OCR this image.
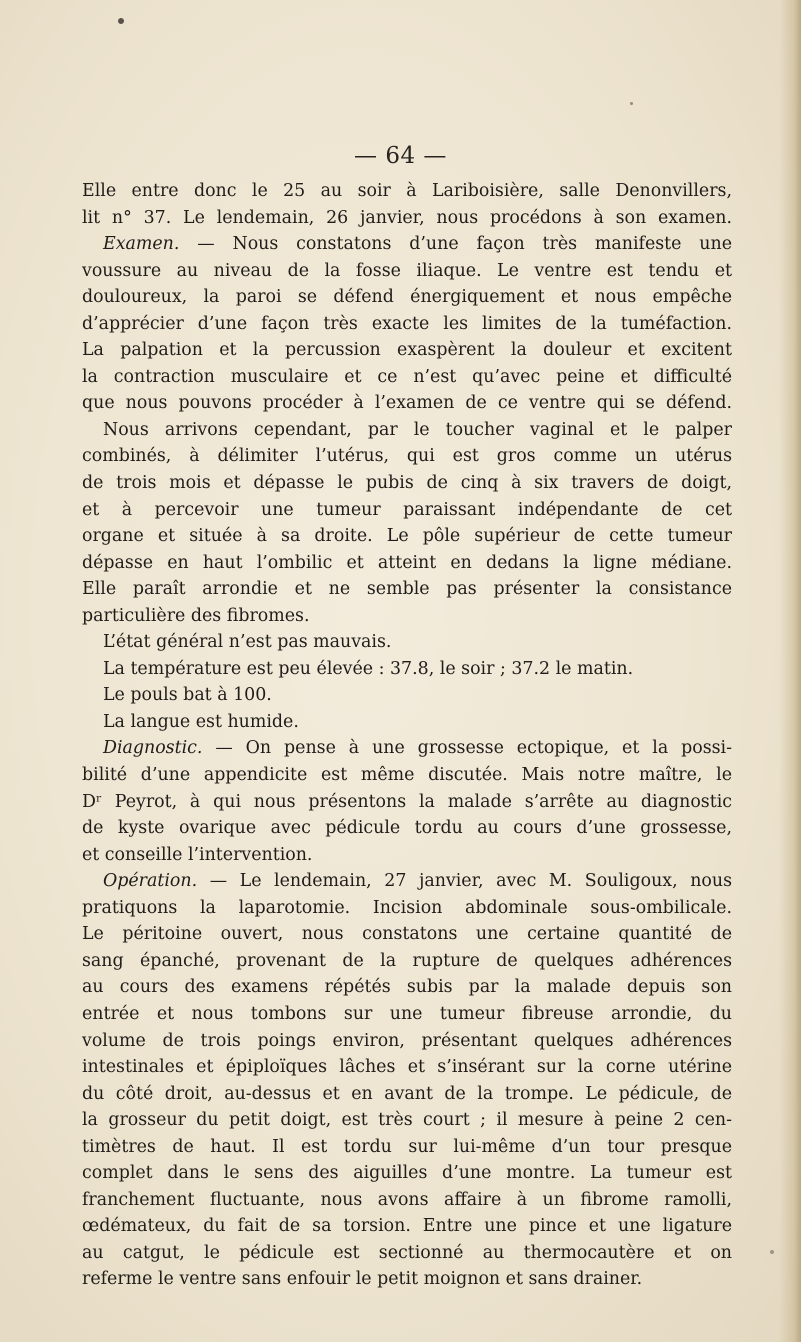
— 64 —
Elle entre donc le 25 au soir à Lariboisière, salle Denonvillers,
lit n° 37. Le lendemain, 26 janvier, nous procédons à son examen.
Examen. — Nous constatons d’une façon très manifeste une
voussure au niveau de la fosse iliaque. Le ventre est tendu et
douloureux, la paroi se défend énergiquement et nous empêche
d’apprécier d’une façon très exacte les limites de la tuméfaction.
La palpation et la percussion exaspèrent la douleur et excitent
la contraction musculaire et ce n’est qu’avec peine et difficulté
que nous pouvons procéder à l’examen de ce ventre qui se défend.
Nous arrivons cependant, par le toucher vaginal et le palper
combinés, à délimiter l’utérus, qui est gros comme un utérus
de trois mois et dépasse le pubis de cinq à six travers de doigt,
et à percevoir une tumeur paraissant indépendante de cet
organe et située à sa droite. Le pôle supérieur de cette tumeur
dépasse en haut l’ombilic et atteint en dedans la ligne médiane.
Elle paraît arrondie et ne semble pas présenter la consistance
particulière des fibromes.
L’état général n’est pas mauvais.
La température est peu élevée : 37.8, le soir ; 37.2 le matin.
Le pouls bat à 100.
La langue est humide.
Diagnostic. — On pense à une grossesse ectopique, et la possi-
bilité d’une appendicite est même discutée. Mais notre maître, le
Dʳ Peyrot, à qui nous présentons la malade s’arrête au diagnostic
de kyste ovarique avec pédicule tordu au cours d’une grossesse,
et conseille l’intervention.
Opération. — Le lendemain, 27 janvier, avec M. Souligoux, nous
pratiquons la laparotomie. Incision abdominale sous-ombilicale.
Le péritoine ouvert, nous constatons une certaine quantité de
sang épanché, provenant de la rupture de quelques adhérences
au cours des examens répétés subis par la malade depuis son
entrée et nous tombons sur une tumeur fibreuse arrondie, du
volume de trois poings environ, présentant quelques adhérences
intestinales et épiploïques lâches et s’insérant sur la corne utérine
du côté droit, au-dessus et en avant de la trompe. Le pédicule, de
la grosseur du petit doigt, est très court ; il mesure à peine 2 cen-
timètres de haut. Il est tordu sur lui-même d’un tour presque
complet dans le sens des aiguilles d’une montre. La tumeur est
franchement fluctuante, nous avons affaire à un fibrome ramolli,
œdémateux, du fait de sa torsion. Entre une pince et une ligature
au catgut, le pédicule est sectionné au thermocautère et on
referme le ventre sans enfouir le petit moignon et sans drainer.
